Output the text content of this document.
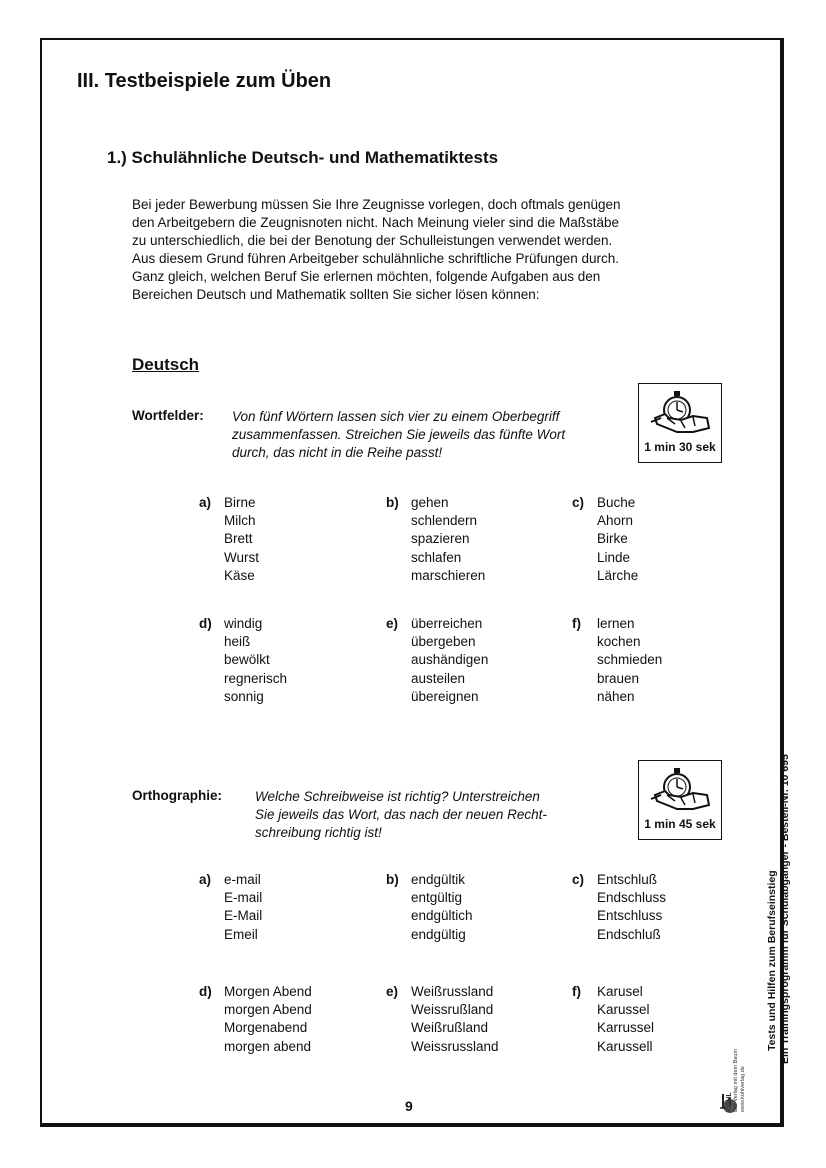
III. Testbeispiele zum Üben
1.) Schulähnliche Deutsch- und Mathematiktests
Bei jeder Bewerbung müssen Sie Ihre Zeugnisse vorlegen, doch oftmals genügen
den Arbeitgebern die Zeugnisnoten nicht. Nach Meinung vieler sind die Maßstäbe
zu unterschiedlich, die bei der Benotung der Schulleistungen verwendet werden.
Aus diesem Grund führen Arbeitgeber schulähnliche schriftliche Prüfungen durch.
Ganz gleich, welchen Beruf Sie erlernen möchten, folgende Aufgaben aus den
Bereichen Deutsch und Mathematik sollten Sie sicher lösen können:
Deutsch
Wortfelder: Von fünf Wörtern lassen sich vier zu einem Oberbegriff
zusammenfassen. Streichen Sie jeweils das fünfte Wort
durch, das nicht in die Reihe passt!	1 min 30 sek
a) Birne
Milch
Brett
Wurst
Käse
b) gehen
schlendern
spazieren
schlafen
marschieren
c) Buche
Ahorn
Birke
Linde
Lärche
d) windig
heiß
bewölkt
regnerisch
sonnig
e) überreichen
übergeben
aushändigen
austeilen
übereignen
f) lernen
kochen
schmieden
brauen
nähen
Orthographie: Welche Schreibweise ist richtig? Unterstreichen
Sie jeweils das Wort, das nach der neuen Recht-
schreibung richtig ist!
1 min 45 sek
a) e-mail
E-mail
E-Mail
Emeil
b) endgültik
entgültig
endgültich
endgültig
c) Entschluß
Endschluss
Entschluss
Endschluß
d) Morgen Abend
morgen Abend
Morgenabend
morgen abend
e) Weißrussland
Weissrußland
Weißrußland
Weissrussland
f) Karusel
Karussel
Karrussel
Karussell	Tests und Hilfen zum Berufseinstieg Ein Trainingsprogramm für Schulabgänger - Bestell-Nr. 10 695
KOHL Der Verlag mit dem Baum www.kohlverlag.de
9
